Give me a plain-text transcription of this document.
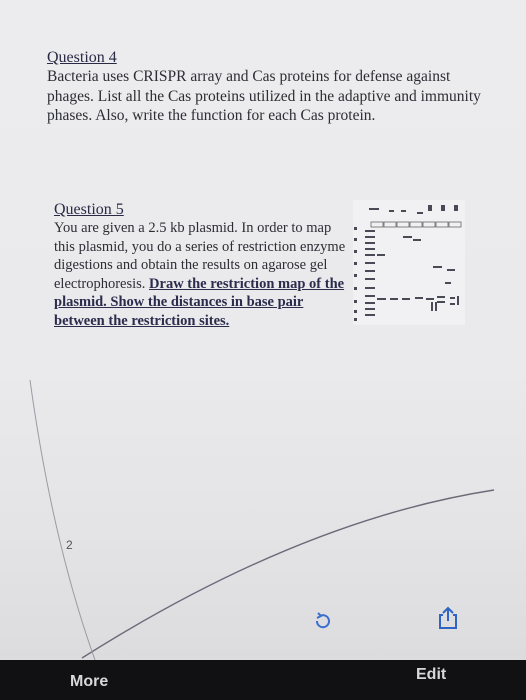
Question 4
Bacteria uses CRISPR array and Cas proteins for defense against phages. List all the Cas proteins utilized in the adaptive and immunity phases. Also, write the function for each Cas protein.
Question 5
You are given a 2.5 kb plasmid. In order to map this plasmid, you do a series of restriction enzyme digestions and obtain the results on agarose gel electrophoresis. Draw the restriction map of the plasmid. Show the distances in base pair between the restriction sites.
2
More	Edit
